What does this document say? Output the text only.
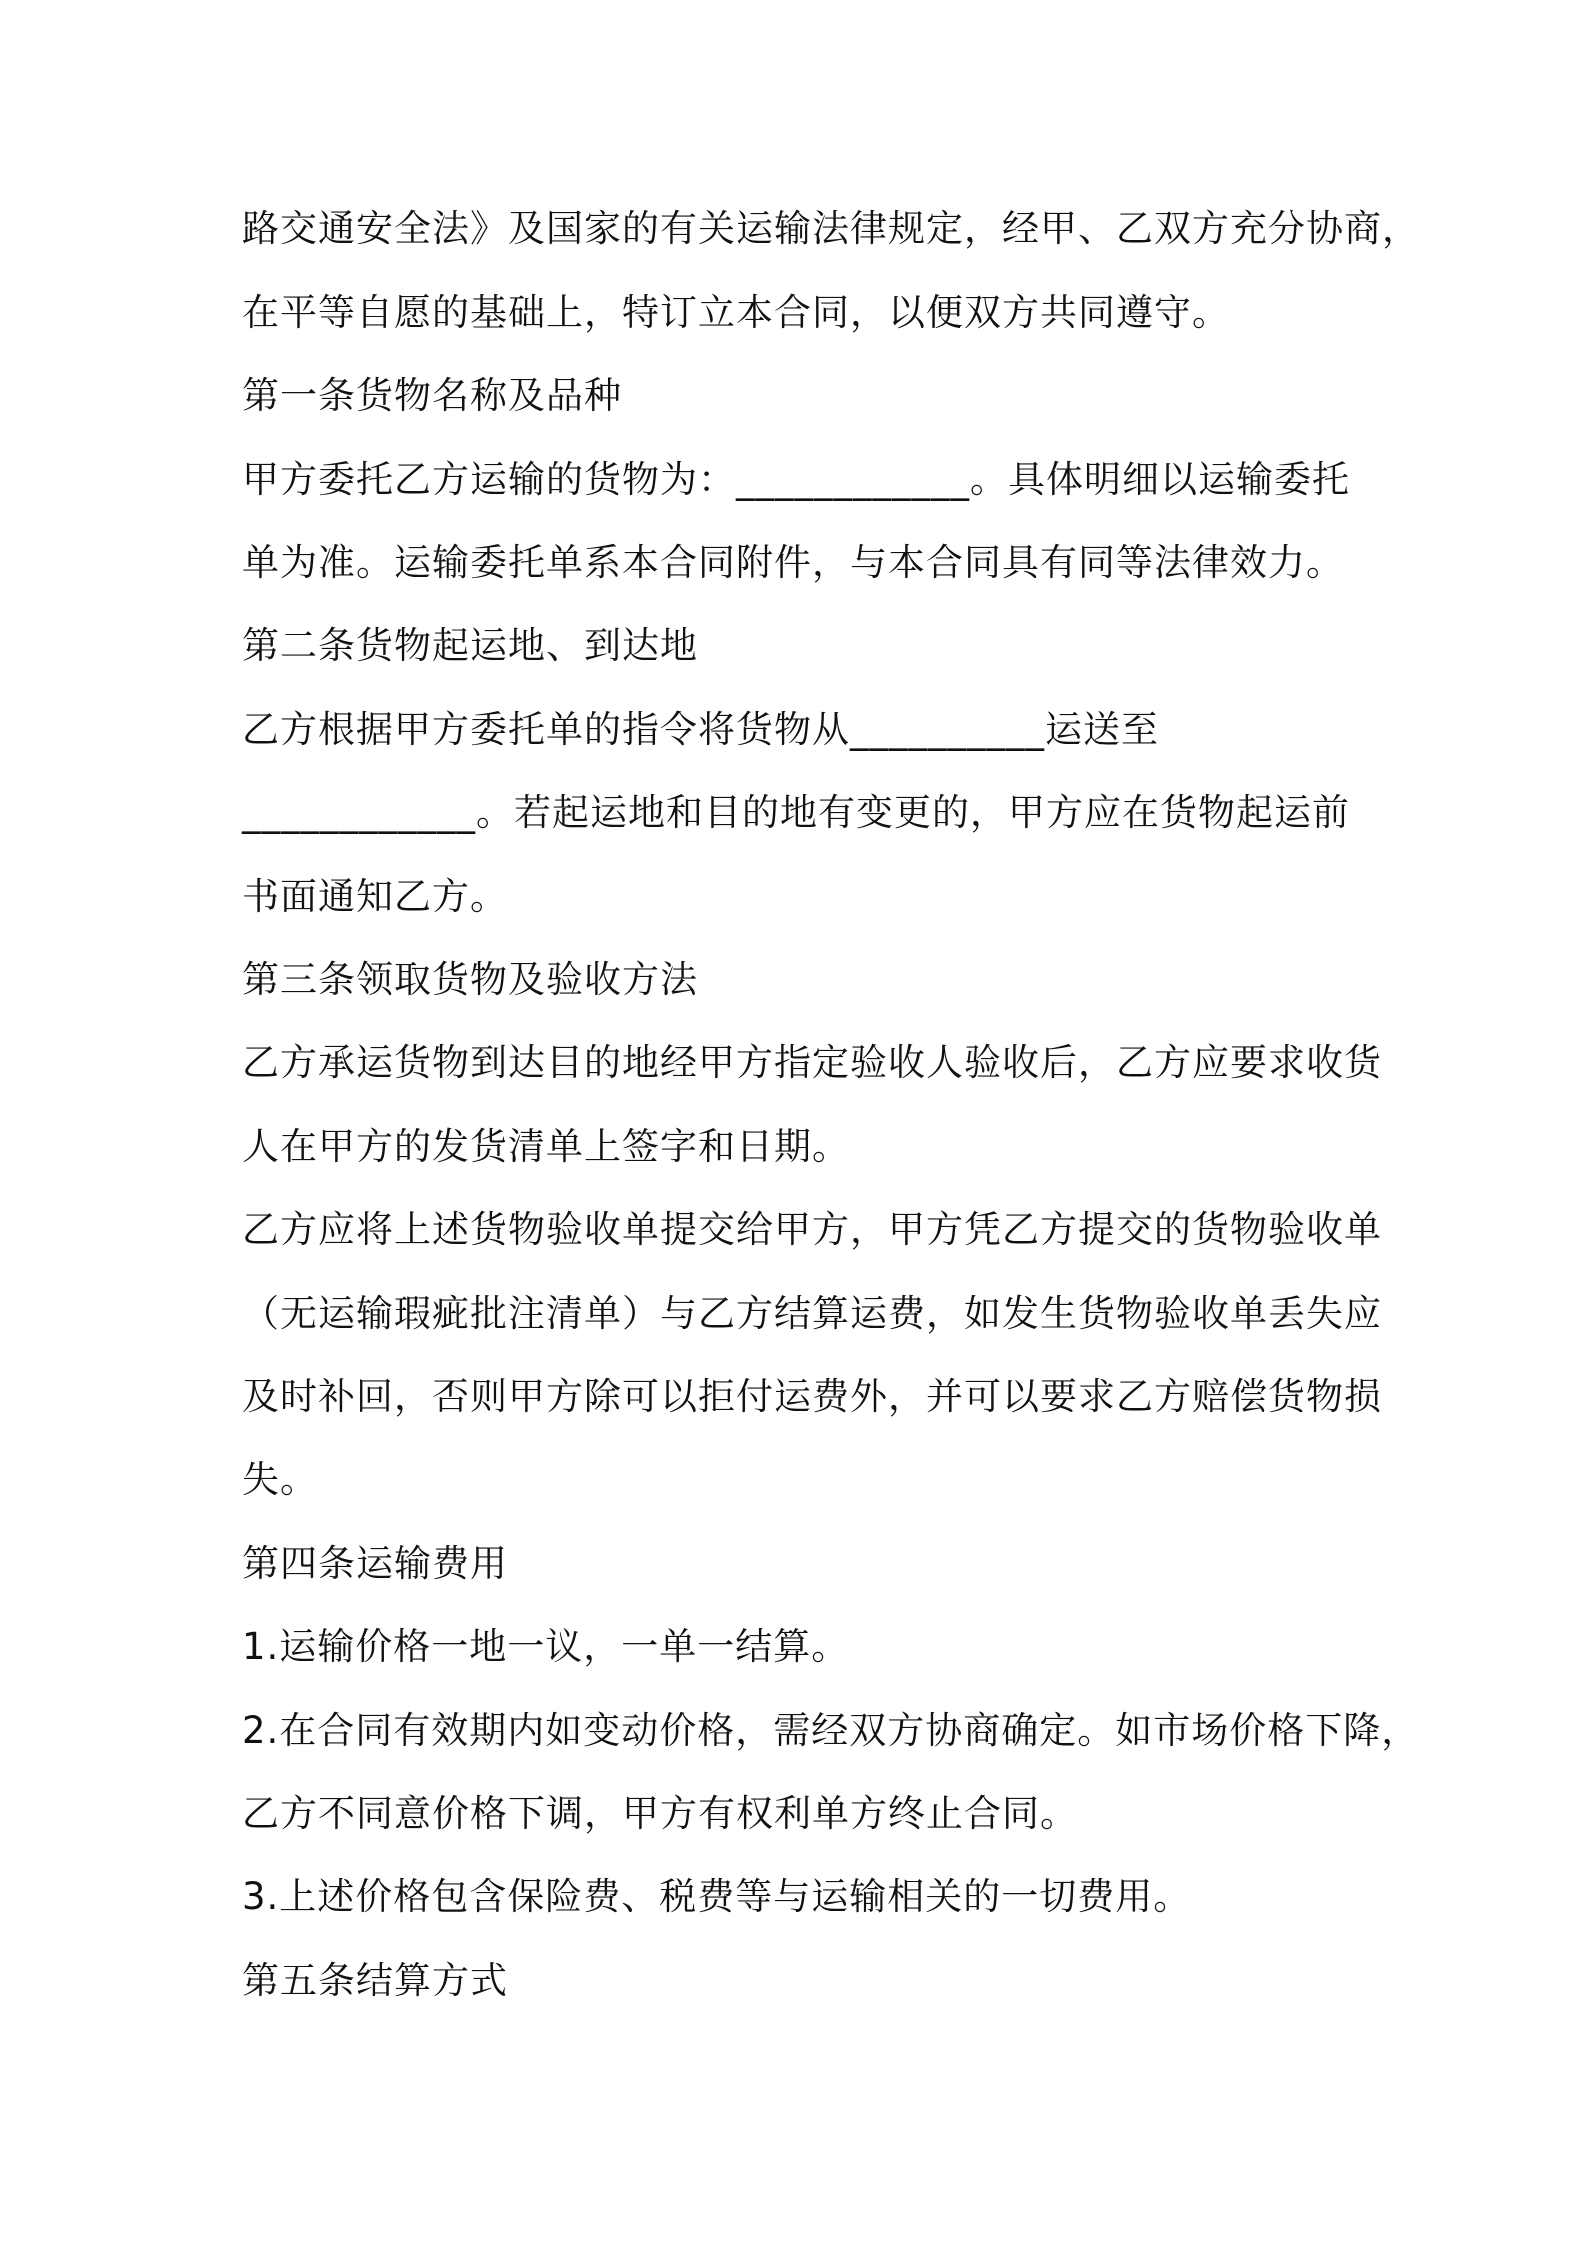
路交通安全法》及国家的有关运输法律规定，经甲、乙双方充分协商，
在平等自愿的基础上，特订立本合同，以便双方共同遵守。
第一条货物名称及品种
甲方委托乙方运输的货物为：____________。具体明细以运输委托
单为准。运输委托单系本合同附件，与本合同具有同等法律效力。
第二条货物起运地、到达地
乙方根据甲方委托单的指令将货物从__________运送至
____________。若起运地和目的地有变更的，甲方应在货物起运前
书面通知乙方。
第三条领取货物及验收方法
乙方承运货物到达目的地经甲方指定验收人验收后，乙方应要求收货
人在甲方的发货清单上签字和日期。
乙方应将上述货物验收单提交给甲方，甲方凭乙方提交的货物验收单
（无运输瑕疵批注清单）与乙方结算运费，如发生货物验收单丢失应
及时补回，否则甲方除可以拒付运费外，并可以要求乙方赔偿货物损
失。
第四条运输费用
1.运输价格一地一议，一单一结算。
2.在合同有效期内如变动价格，需经双方协商确定。如市场价格下降，
乙方不同意价格下调，甲方有权利单方终止合同。
3.上述价格包含保险费、税费等与运输相关的一切费用。
第五条结算方式
